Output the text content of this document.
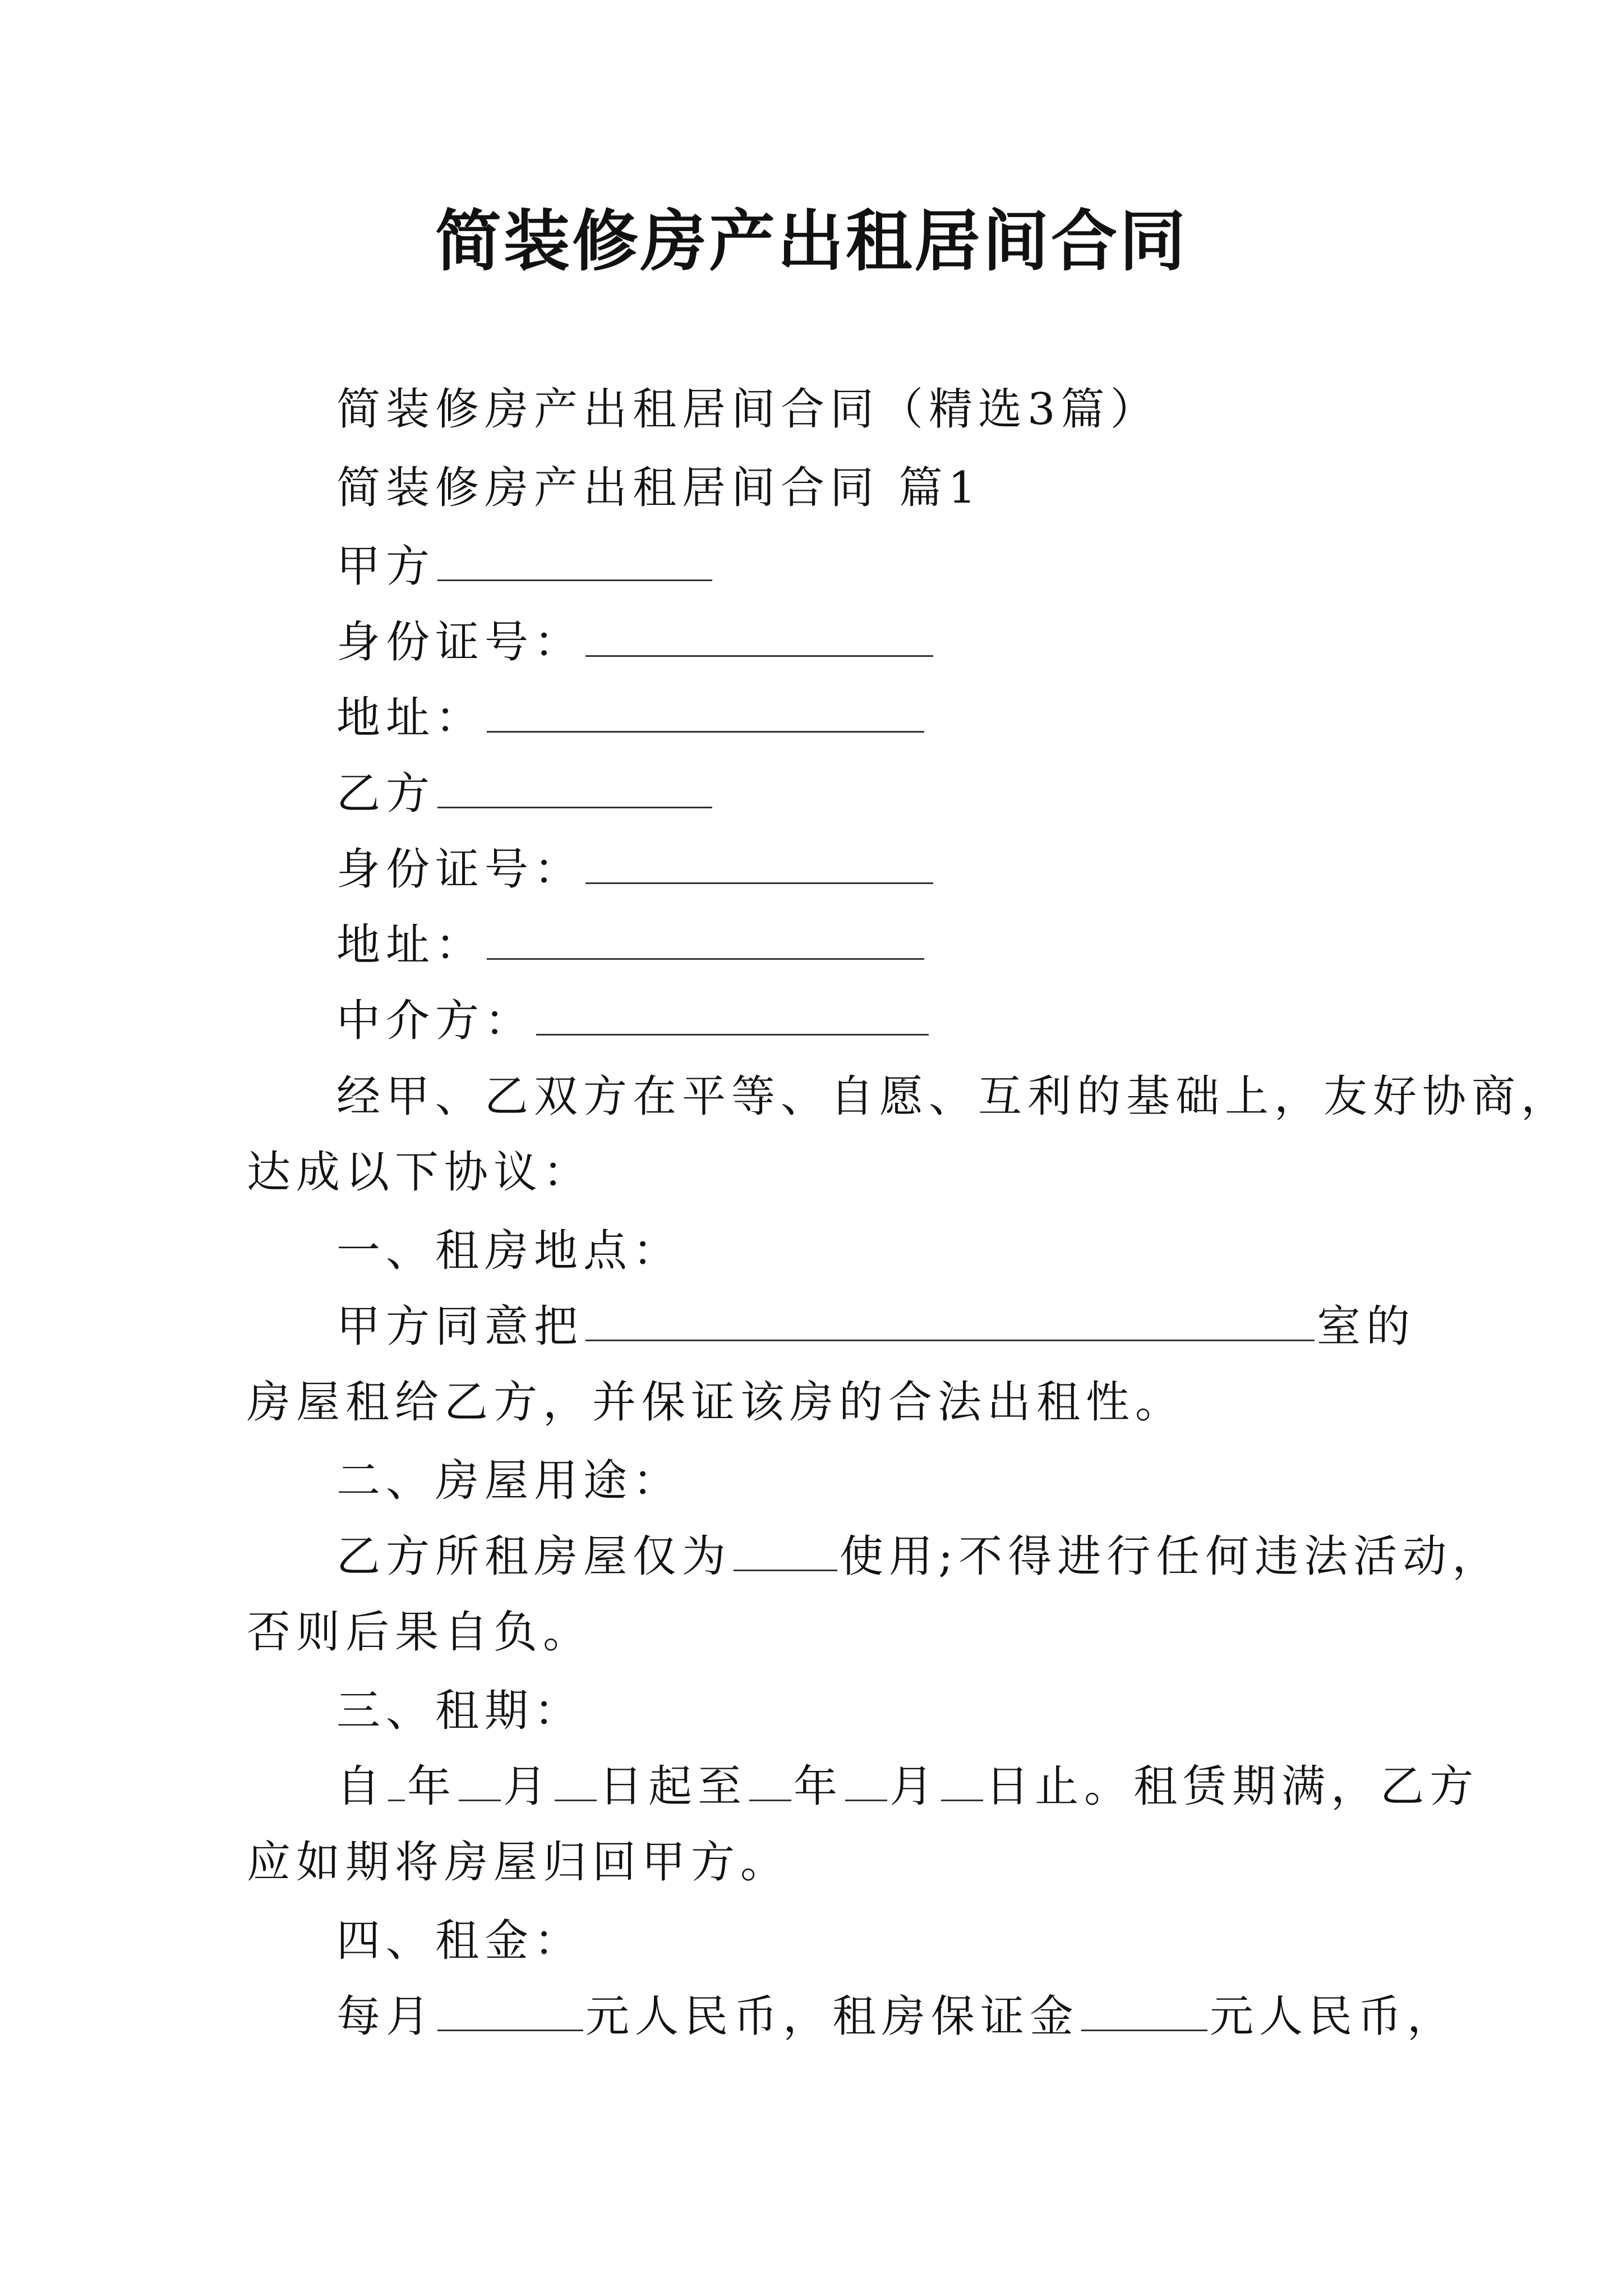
简装修房产出租居间合同
简装修房产出租居间合同（精选3篇）
简装修房产出租居间合同 篇1
甲方
身份证号：
地址：
乙方
身份证号：
地址：
中介方：
经甲、乙双方在平等、自愿、互利的基础上，友好协商，
达成以下协议：
一、租房地点：
甲方同意把	室的
房屋租给乙方，并保证该房的合法出租性。
二、房屋用途：
乙方所租房屋仅为 使用;不得进行任何违法活动，
否则后果自负。
三、租期：
自 年 月 日起至 年 月 日止。租赁期满，乙方
应如期将房屋归回甲方。
四、租金：
每月	元人民币，租房保证金	元人民币，
